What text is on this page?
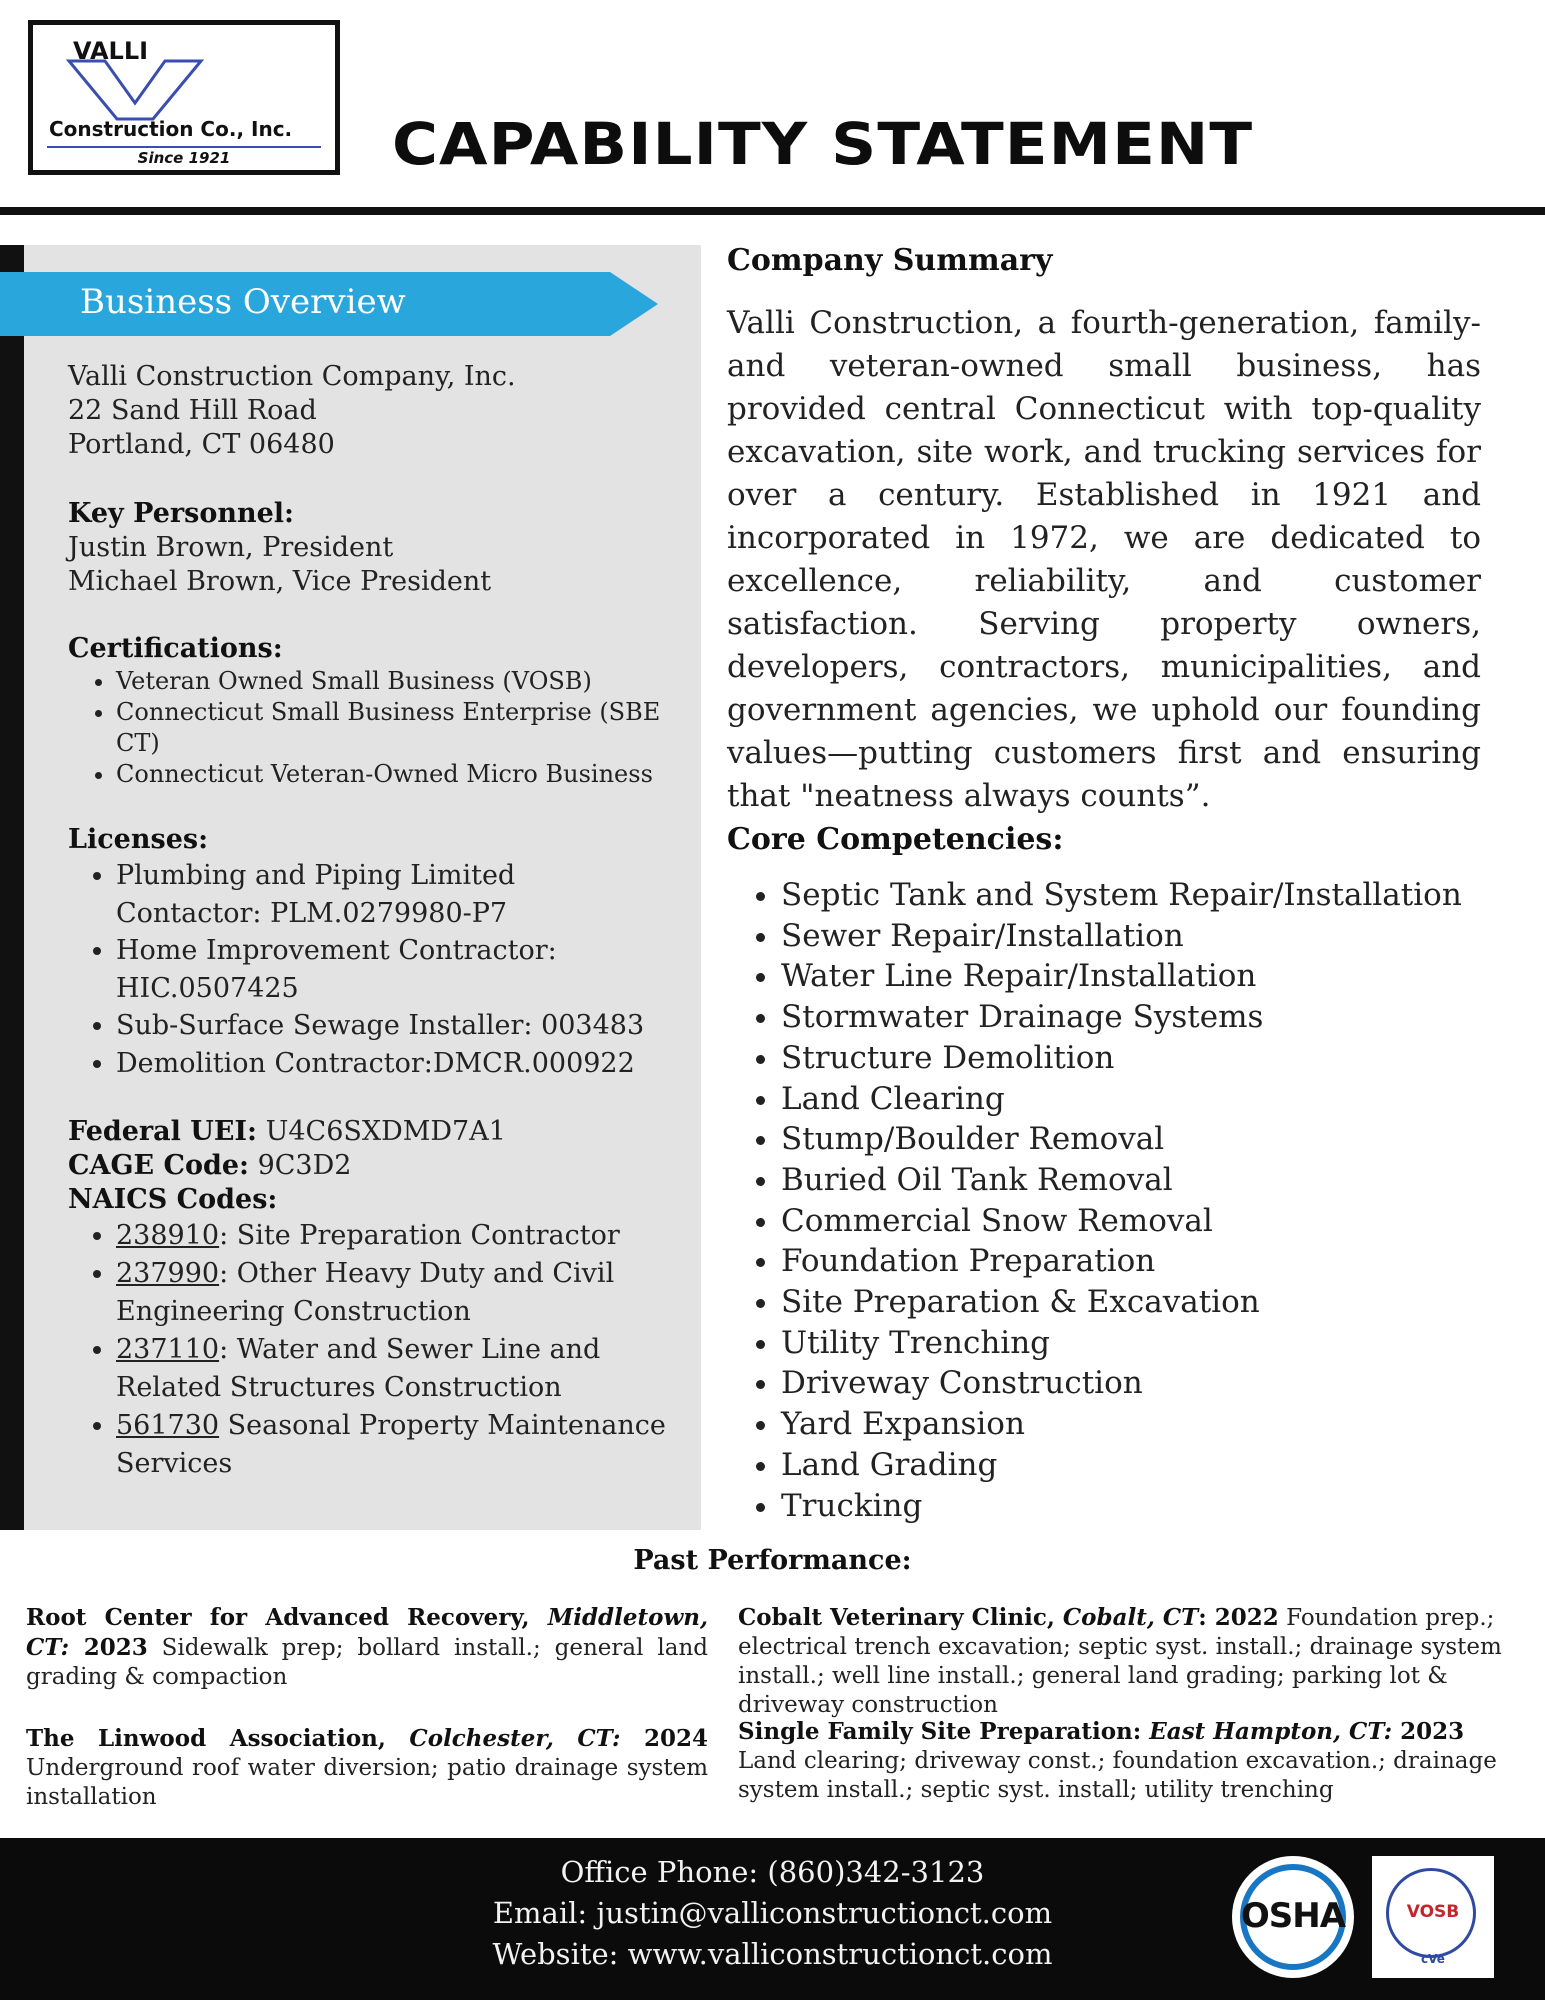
VALLI
Construction Co., Inc.
Since 1921	CAPABILITY STATEMENT
Business Overview
Valli Construction Company, Inc.
22 Sand Hill Road
Portland, CT 06480
Key Personnel:
Justin Brown, President
Michael Brown, Vice President
Certifications:
• Veteran Owned Small Business (VOSB)
• Connecticut Small Business Enterprise (SBE CT)
• Connecticut Veteran-Owned Micro Business
Licenses:
• Plumbing and Piping Limited Contactor: PLM.0279980-P7
• Home Improvement Contractor: HIC.0507425
• Sub-Surface Sewage Installer: 003483
• Demolition Contractor:DMCR.000922
Federal UEI: U4C6SXDMD7A1
CAGE Code: 9C3D2
NAICS Codes:
• 238910: Site Preparation Contractor
• 237990: Other Heavy Duty and Civil Engineering Construction
• 237110: Water and Sewer Line and Related Structures Construction
• 561730 Seasonal Property Maintenance Services
Company Summary
Valli Construction, a fourth-generation, family- and veteran-owned small business, has provided central Connecticut with top-quality excavation, site work, and trucking services for over a century. Established in 1921 and incorporated in 1972, we are dedicated to excellence, reliability, and customer satisfaction. Serving property owners, developers, contractors, municipalities, and government agencies, we uphold our founding values—putting customers first and ensuring that "neatness always counts”.
Core Competencies:
• Septic Tank and System Repair/Installation
• Sewer Repair/Installation
• Water Line Repair/Installation
• Stormwater Drainage Systems
• Structure Demolition
• Land Clearing
• Stump/Boulder Removal
• Buried Oil Tank Removal
• Commercial Snow Removal
• Foundation Preparation
• Site Preparation & Excavation
• Utility Trenching
• Driveway Construction
• Yard Expansion
• Land Grading
• Trucking
Past Performance:
Root Center for Advanced Recovery, Middletown, CT: 2023 Sidewalk prep; bollard install.; general land grading & compaction
The Linwood Association, Colchester, CT: 2024 Underground roof water diversion; patio drainage system installation
Cobalt Veterinary Clinic, Cobalt, CT: 2022 Foundation prep.; electrical trench excavation; septic syst. install.; drainage system install.; well line install.; general land grading; parking lot & driveway construction
Single Family Site Preparation: East Hampton, CT: 2023 Land clearing; driveway const.; foundation excavation.; drainage system install.; septic syst. install; utility trenching
Office Phone: (860)342-3123
Email: justin@valliconstructionct.com
Website: www.valliconstructionct.com
OSHA	VOSB
cVe
